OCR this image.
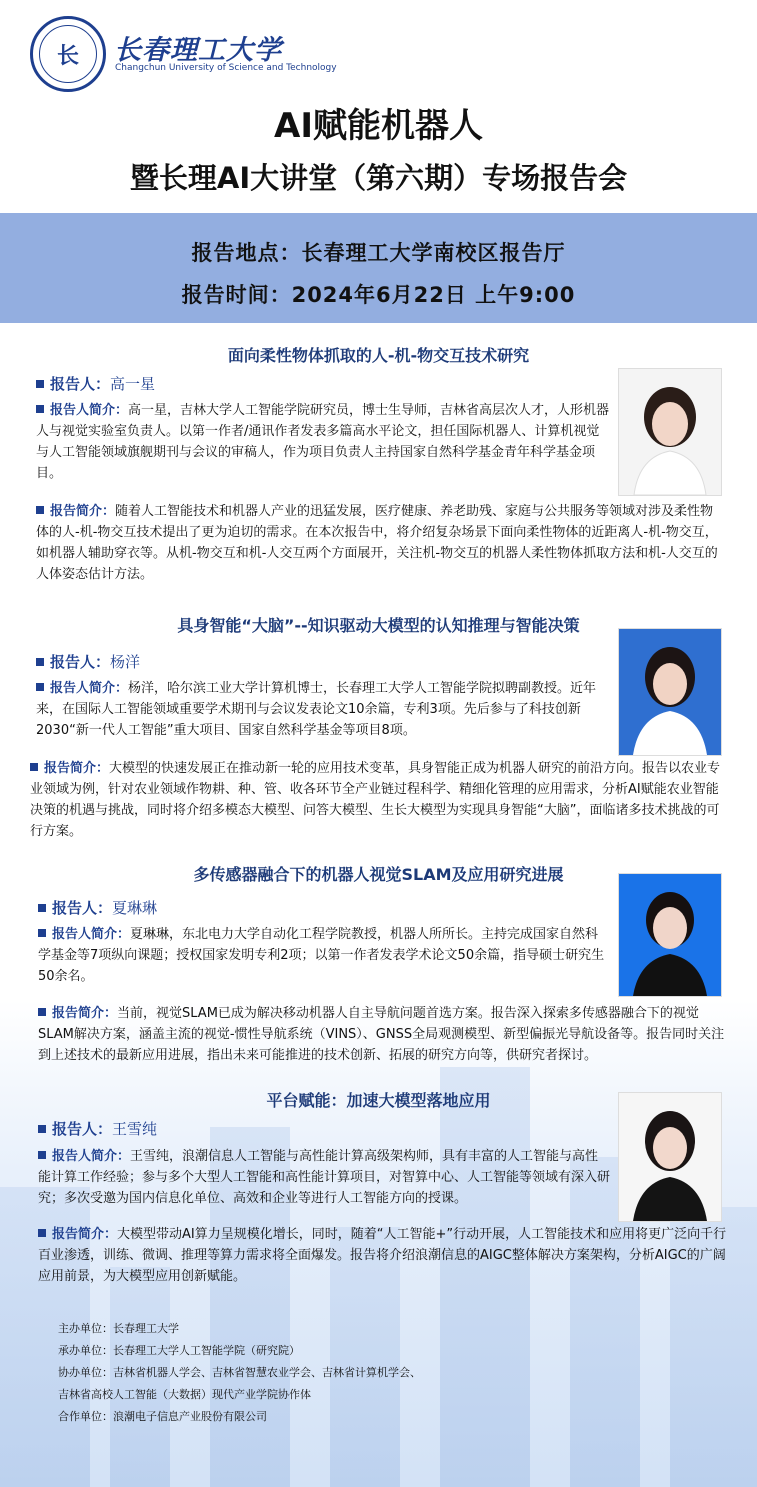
长	长春理工大学
Changchun University of Science and Technology
AI赋能机器人
暨长理AI大讲堂（第六期）专场报告会
报告地点：长春理工大学南校区报告厅
报告时间：2024年6月22日 上午9:00
面向柔性物体抓取的人-机-物交互技术研究
报告人：高一星
报告人简介：高一星，吉林大学人工智能学院研究员，博士生导师，吉林省高层次人才，人形机器人与视觉实验室负责人。以第一作者/通讯作者发表多篇高水平论文，担任国际机器人、计算机视觉与人工智能领域旗舰期刊与会议的审稿人，作为项目负责人主持国家自然科学基金青年科学基金项目。
报告简介：随着人工智能技术和机器人产业的迅猛发展，医疗健康、养老助残、家庭与公共服务等领域对涉及柔性物体的人-机-物交互技术提出了更为迫切的需求。在本次报告中，将介绍复杂场景下面向柔性物体的近距离人-机-物交互，如机器人辅助穿衣等。从机-物交互和机-人交互两个方面展开，关注机-物交互的机器人柔性物体抓取方法和机-人交互的人体姿态估计方法。
具身智能“大脑”--知识驱动大模型的认知推理与智能决策
报告人：杨洋
报告人简介：杨洋，哈尔滨工业大学计算机博士，长春理工大学人工智能学院拟聘副教授。近年来，在国际人工智能领域重要学术期刊与会议发表论文10余篇，专利3项。先后参与了科技创新2030“新一代人工智能”重大项目、国家自然科学基金等项目8项。
报告简介：大模型的快速发展正在推动新一轮的应用技术变革，具身智能正成为机器人研究的前沿方向。报告以农业专业领域为例，针对农业领域作物耕、种、管、收各环节全产业链过程科学、精细化管理的应用需求，分析AI赋能农业智能决策的机遇与挑战，同时将介绍多模态大模型、问答大模型、生长大模型为实现具身智能“大脑”，面临诸多技术挑战的可行方案。
多传感器融合下的机器人视觉SLAM及应用研究进展
报告人：夏琳琳
报告人简介：夏琳琳，东北电力大学自动化工程学院教授，机器人所所长。主持完成国家自然科学基金等7项纵向课题；授权国家发明专利2项；以第一作者发表学术论文50余篇，指导硕士研究生50余名。
报告简介：当前，视觉SLAM已成为解决移动机器人自主导航问题首选方案。报告深入探索多传感器融合下的视觉SLAM解决方案，涵盖主流的视觉-惯性导航系统（VINS）、GNSS全局观测模型、新型偏振光导航设备等。报告同时关注到上述技术的最新应用进展，指出未来可能推进的技术创新、拓展的研究方向等，供研究者探讨。
平台赋能：加速大模型落地应用
报告人：王雪纯
报告人简介：王雪纯，浪潮信息人工智能与高性能计算高级架构师，具有丰富的人工智能与高性能计算工作经验；参与多个大型人工智能和高性能计算项目，对智算中心、人工智能等领域有深入研究；多次受邀为国内信息化单位、高效和企业等进行人工智能方向的授课。
报告简介：大模型带动AI算力呈规模化增长，同时，随着“人工智能+”行动开展，人工智能技术和应用将更广泛向千行百业渗透，训练、微调、推理等算力需求将全面爆发。报告将介绍浪潮信息的AIGC整体解决方案架构，分析AIGC的广阔应用前景，为大模型应用创新赋能。
主办单位：长春理工大学
承办单位：长春理工大学人工智能学院（研究院）
协办单位：吉林省机器人学会、吉林省智慧农业学会、吉林省计算机学会、
吉林省高校人工智能（大数据）现代产业学院协作体
合作单位：浪潮电子信息产业股份有限公司
